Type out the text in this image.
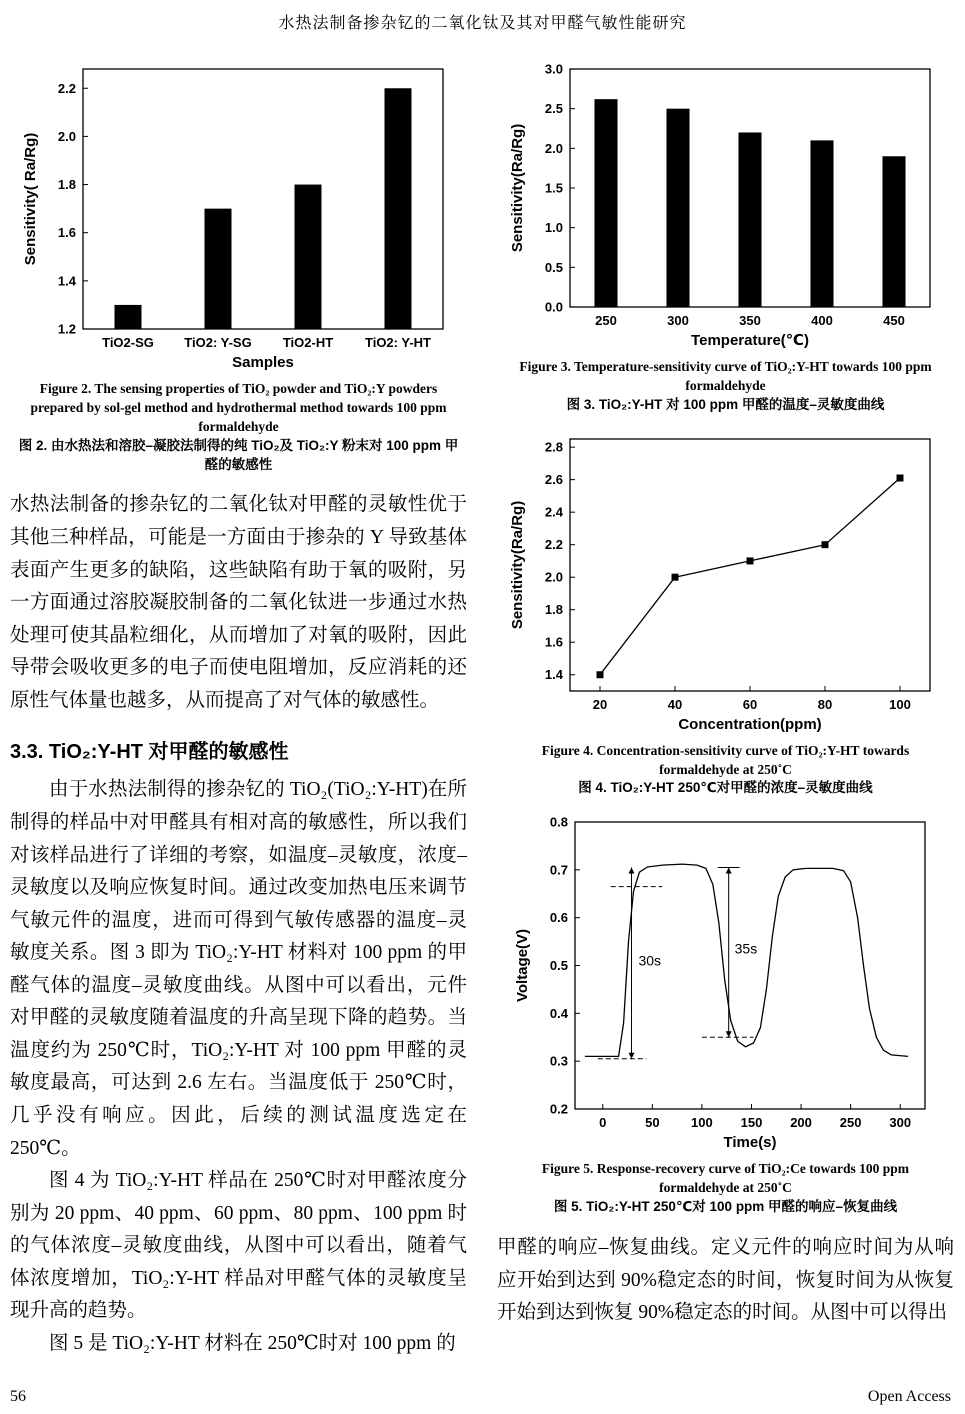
水热法制备掺杂钇的二氧化钛及其对甲醛气敏性能研究
1.2
1.4
1.6
1.8
2.0
2.2
TiO2-SG TiO2: Y-SG TiO2-HT TiO2: Y-HT
Samples
Sensitivity( Ra/Rg)
Figure 2. The sensing properties of TiO₂ powder and TiO₂:Y powders prepared by sol-gel method and hydrothermal method towards 100 ppm formaldehyde
图 2. 由水热法和溶胶–凝胶法制得的纯 TiO₂及 TiO₂:Y 粉末对 100 ppm 甲醛的敏感性

水热法制备的掺杂钇的二氧化钛对甲醛的灵敏性优于其他三种样品，可能是一方面由于掺杂的 Y 导致基体表面产生更多的缺陷，这些缺陷有助于氧的吸附，另一方面通过溶胶凝胶制备的二氧化钛进一步通过水热处理可使其晶粒细化，从而增加了对氧的吸附，因此导带会吸收更多的电子而使电阻增加，反应消耗的还原性气体量也越多，从而提高了对气体的敏感性。

3.3. TiO₂:Y-HT 对甲醛的敏感性

由于水热法制得的掺杂钇的 TiO₂(TiO₂:Y-HT)在所制得的样品中对甲醛具有相对高的敏感性，所以我们对该样品进行了详细的考察，如温度–灵敏度，浓度–灵敏度以及响应恢复时间。通过改变加热电压来调节气敏元件的温度，进而可得到气敏传感器的温度–灵敏度关系。图 3 即为 TiO₂:Y-HT 材料对 100 ppm 的甲醛气体的温度–灵敏度曲线。从图中可以看出，元件对甲醛的灵敏度随着温度的升高呈现下降的趋势。当温度约为 250℃时，TiO₂:Y-HT 对 100 ppm 甲醛的灵敏度最高，可达到 2.6 左右。当温度低于 250℃时，几乎没有响应。因此，后续的测试温度选定在 250℃。

图 4 为 TiO₂:Y-HT 样品在 250℃时对甲醛浓度分别为 20 ppm、40 ppm、60 ppm、80 ppm、100 ppm 时的气体浓度–灵敏度曲线，从图中可以看出，随着气体浓度增加，TiO₂:Y-HT 样品对甲醛气体的灵敏度呈现升高的趋势。

图 5 是 TiO₂:Y-HT 材料在 250℃时对 100 ppm 的

0.0
0.5
1.0
1.5
2.0
2.5
3.0
250	300	350	400	450
Temperature(℃)
Sensitivity(Ra/Rg)
Figure 3. Temperature-sensitivity curve of TiO₂:Y-HT towards 100 ppm formaldehyde
图 3. TiO₂:Y-HT 对 100 ppm 甲醛的温度–灵敏度曲线
1.4
1.6
1.8
2.0
2.2
2.4
2.6
2.8
20	40	60	80	100
Concentration(ppm)
Sensitivity(Ra/Rg)
Figure 4. Concentration-sensitivity curve of TiO₂:Y-HT towards formaldehyde at 250˚C
图 4. TiO₂:Y-HT 250℃对甲醛的浓度–灵敏度曲线
0.2
0.3
0.4
0.5
0.6
0.7
0.8
0	50 100 150 200 250 300
30s
35s
Time(s)
Voltage(V)
Figure 5. Response-recovery curve of TiO₂:Ce towards 100 ppm formaldehyde at 250˚C
图 5. TiO₂:Y-HT 250℃对 100 ppm 甲醛的响应–恢复曲线

甲醛的响应–恢复曲线。定义元件的响应时间为从响应开始到达到 90%稳定态的时间，恢复时间为从恢复开始到达到恢复 90%稳定态的时间。从图中可以得出

56	Open Access
